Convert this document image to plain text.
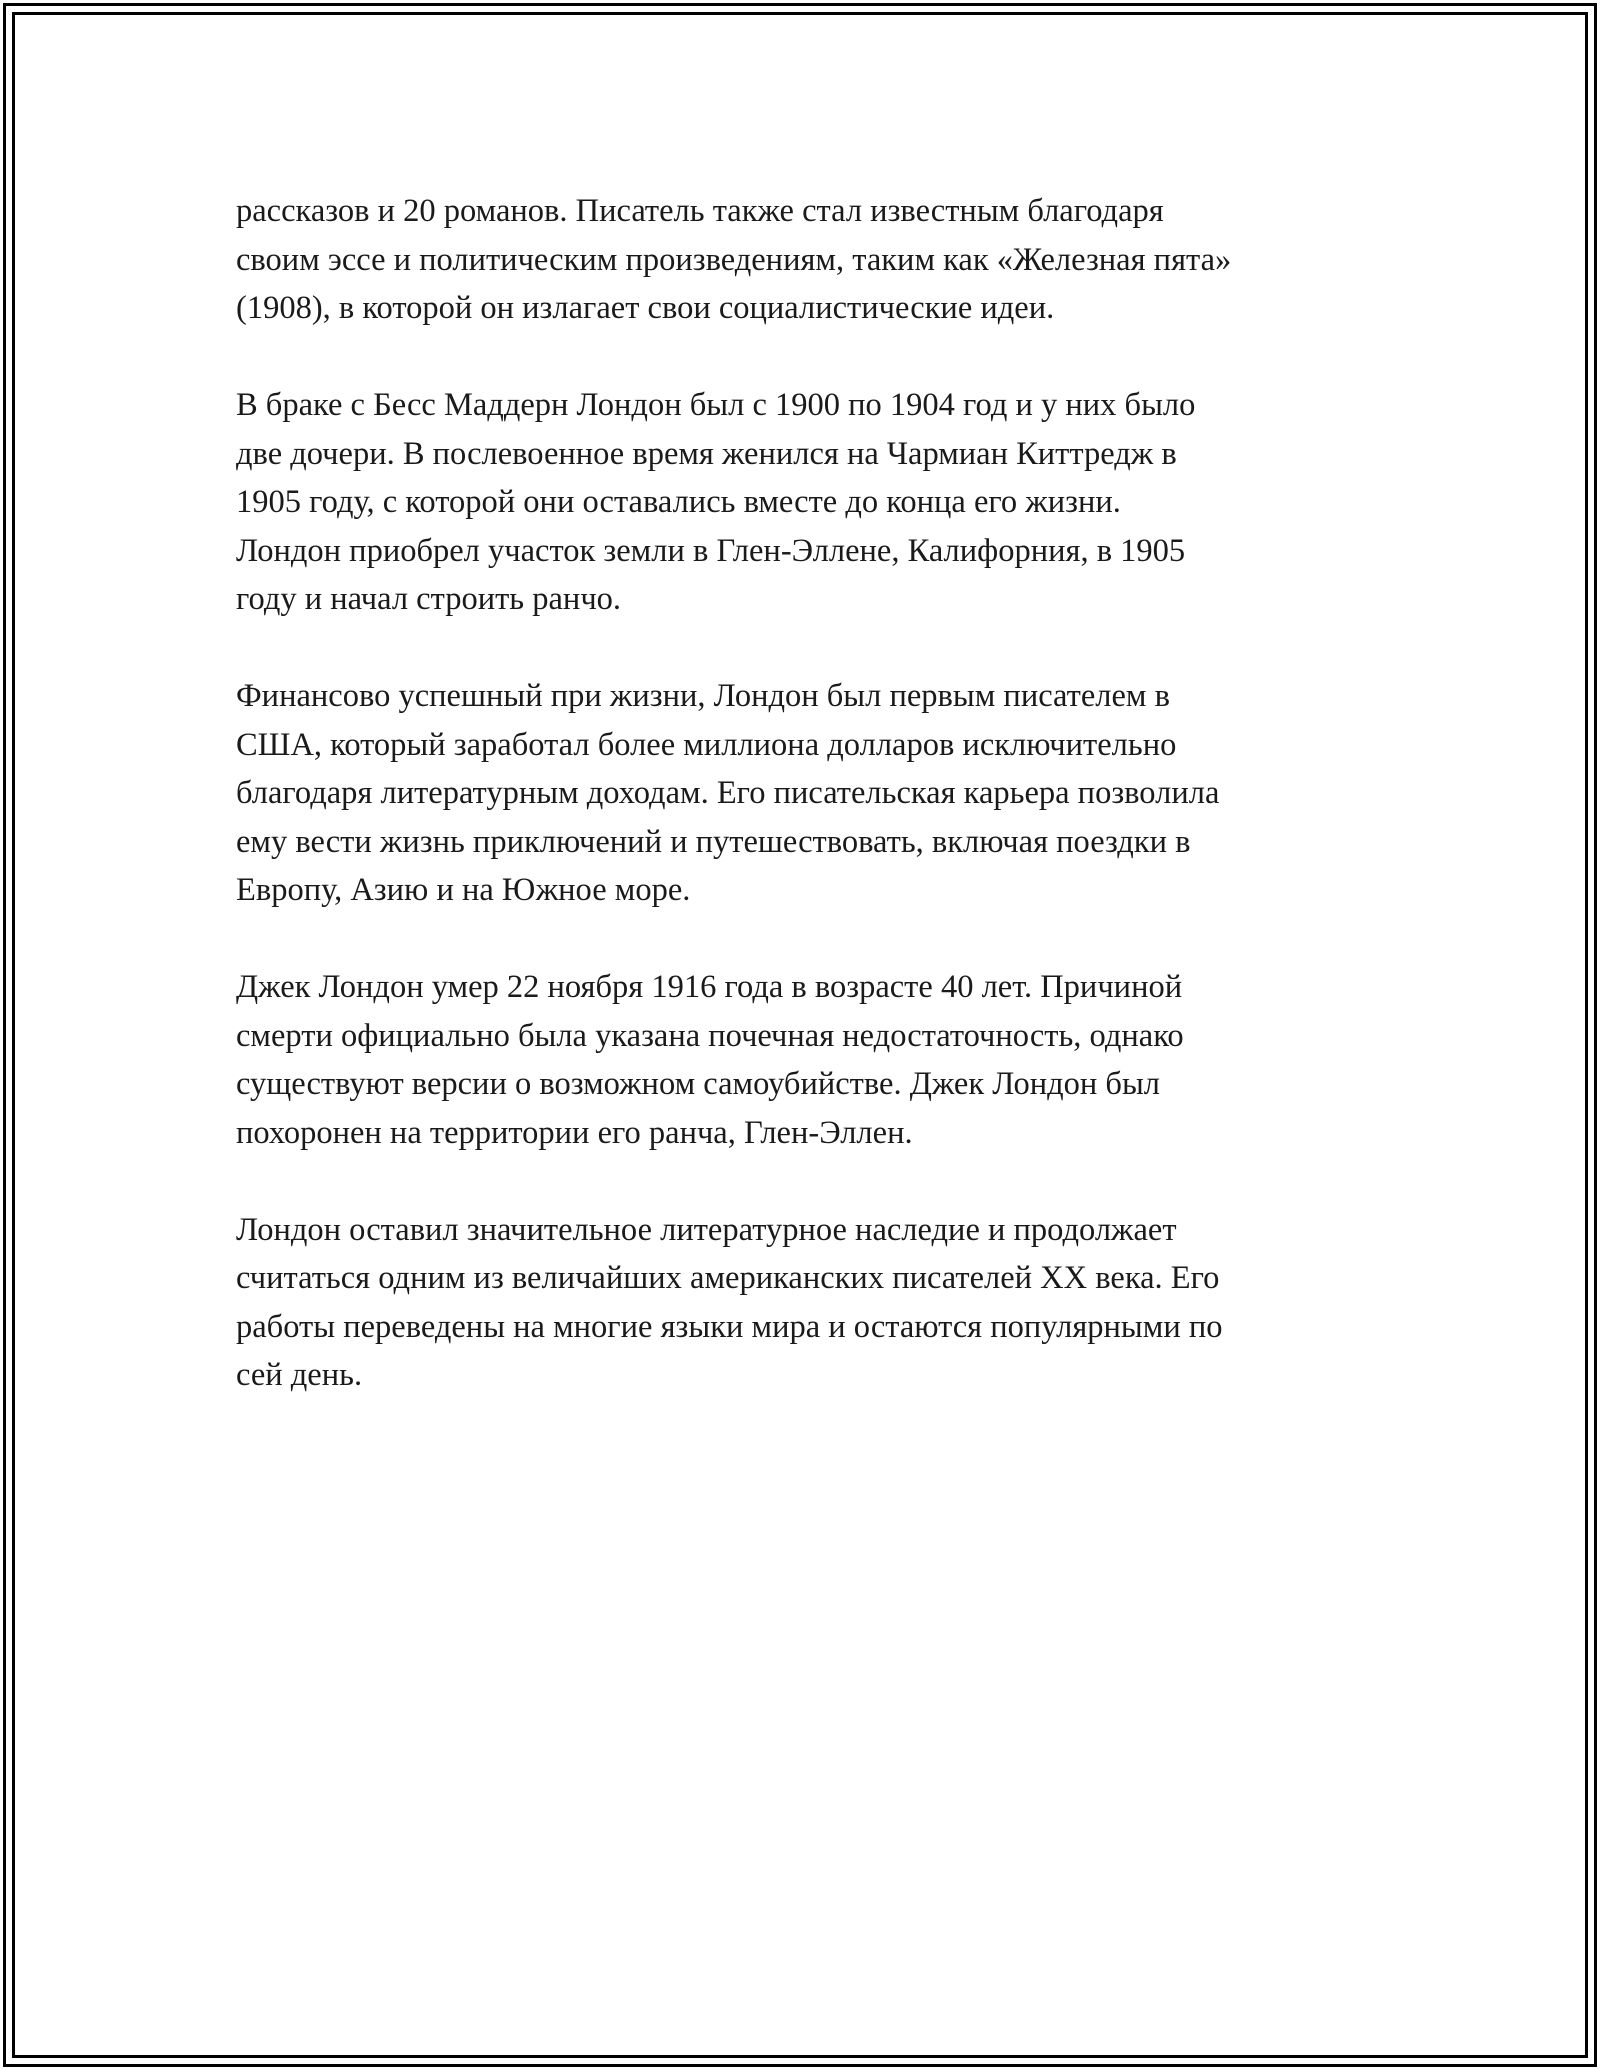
рассказов и 20 романов. Писатель также стал известным благодаря
своим эссе и политическим произведениям, таким как «Железная пята»
(1908), в которой он излагает свои социалистические идеи.

В браке с Бесс Маддерн Лондон был с 1900 по 1904 год и у них было
две дочери. В послевоенное время женился на Чармиан Киттредж в
1905 году, с которой они оставались вместе до конца его жизни.
Лондон приобрел участок земли в Глен-Эллене, Калифорния, в 1905
году и начал строить ранчо.

Финансово успешный при жизни, Лондон был первым писателем в
США, который заработал более миллиона долларов исключительно
благодаря литературным доходам. Его писательская карьера позволила
ему вести жизнь приключений и путешествовать, включая поездки в
Европу, Азию и на Южное море.

Джек Лондон умер 22 ноября 1916 года в возрасте 40 лет. Причиной
смерти официально была указана почечная недостаточность, однако
существуют версии о возможном самоубийстве. Джек Лондон был
похоронен на территории его ранча, Глен-Эллен.

Лондон оставил значительное литературное наследие и продолжает
считаться одним из величайших американских писателей XX века. Его
работы переведены на многие языки мира и остаются популярными по
сей день.
